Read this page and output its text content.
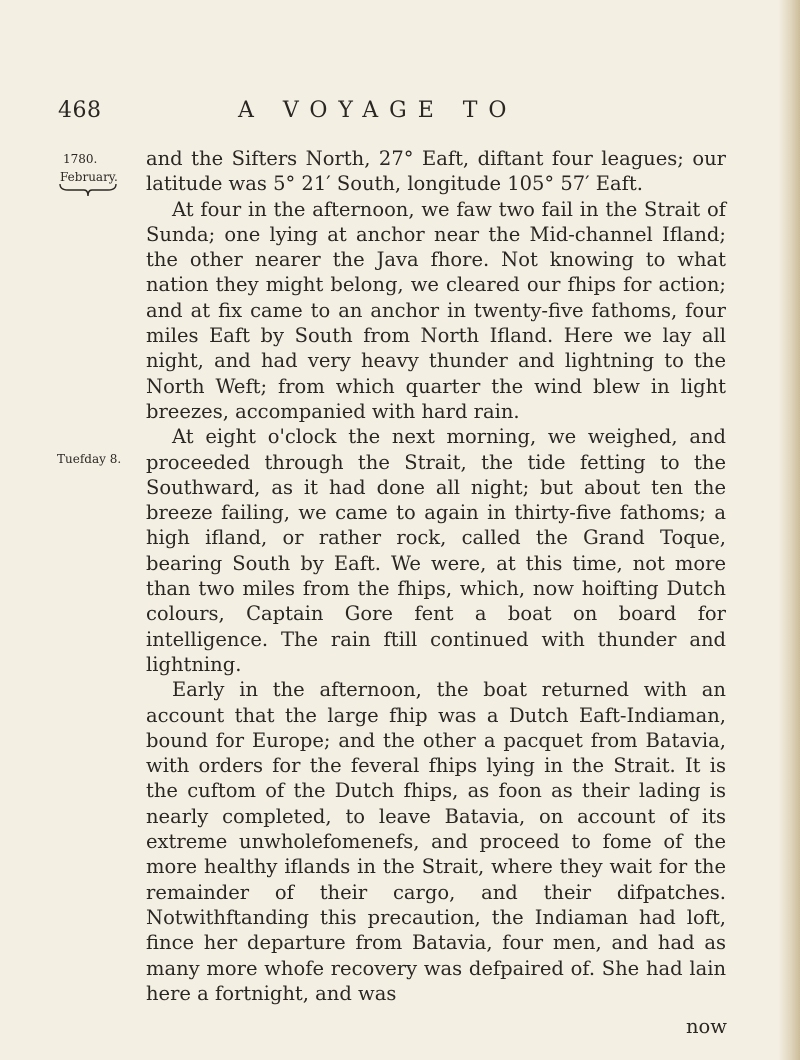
468	A VOYAGE TO
1780.
February.
Tuefday 8.

and the Sifters North, 27° Eaft, diftant four leagues; our latitude was 5° 21′ South, longitude 105° 57′ Eaft.

At four in the afternoon, we faw two fail in the Strait of Sunda; one lying at anchor near the Mid-channel Ifland; the other nearer the Java fhore. Not knowing to what nation they might belong, we cleared our fhips for action; and at fix came to an anchor in twenty-five fathoms, four miles Eaft by South from North Ifland. Here we lay all night, and had very heavy thunder and lightning to the North Weft; from which quarter the wind blew in light breezes, accompanied with hard rain.

At eight o'clock the next morning, we weighed, and proceeded through the Strait, the tide fetting to the Southward, as it had done all night; but about ten the breeze failing, we came to again in thirty-five fathoms; a high ifland, or rather rock, called the Grand Toque, bearing South by Eaft. We were, at this time, not more than two miles from the fhips, which, now hoifting Dutch colours, Captain Gore fent a boat on board for intelligence. The rain ftill continued with thunder and lightning.

Early in the afternoon, the boat returned with an account that the large fhip was a Dutch Eaft-Indiaman, bound for Europe; and the other a pacquet from Batavia, with orders for the feveral fhips lying in the Strait. It is the cuftom of the Dutch fhips, as foon as their lading is nearly completed, to leave Batavia, on account of its extreme unwholefomenefs, and proceed to fome of the more healthy iflands in the Strait, where they wait for the remainder of their cargo, and their difpatches. Notwithftanding this precaution, the Indiaman had loft, fince her departure from Batavia, four men, and had as many more whofe recovery was defpaired of. She had lain here a fortnight, and was

now
